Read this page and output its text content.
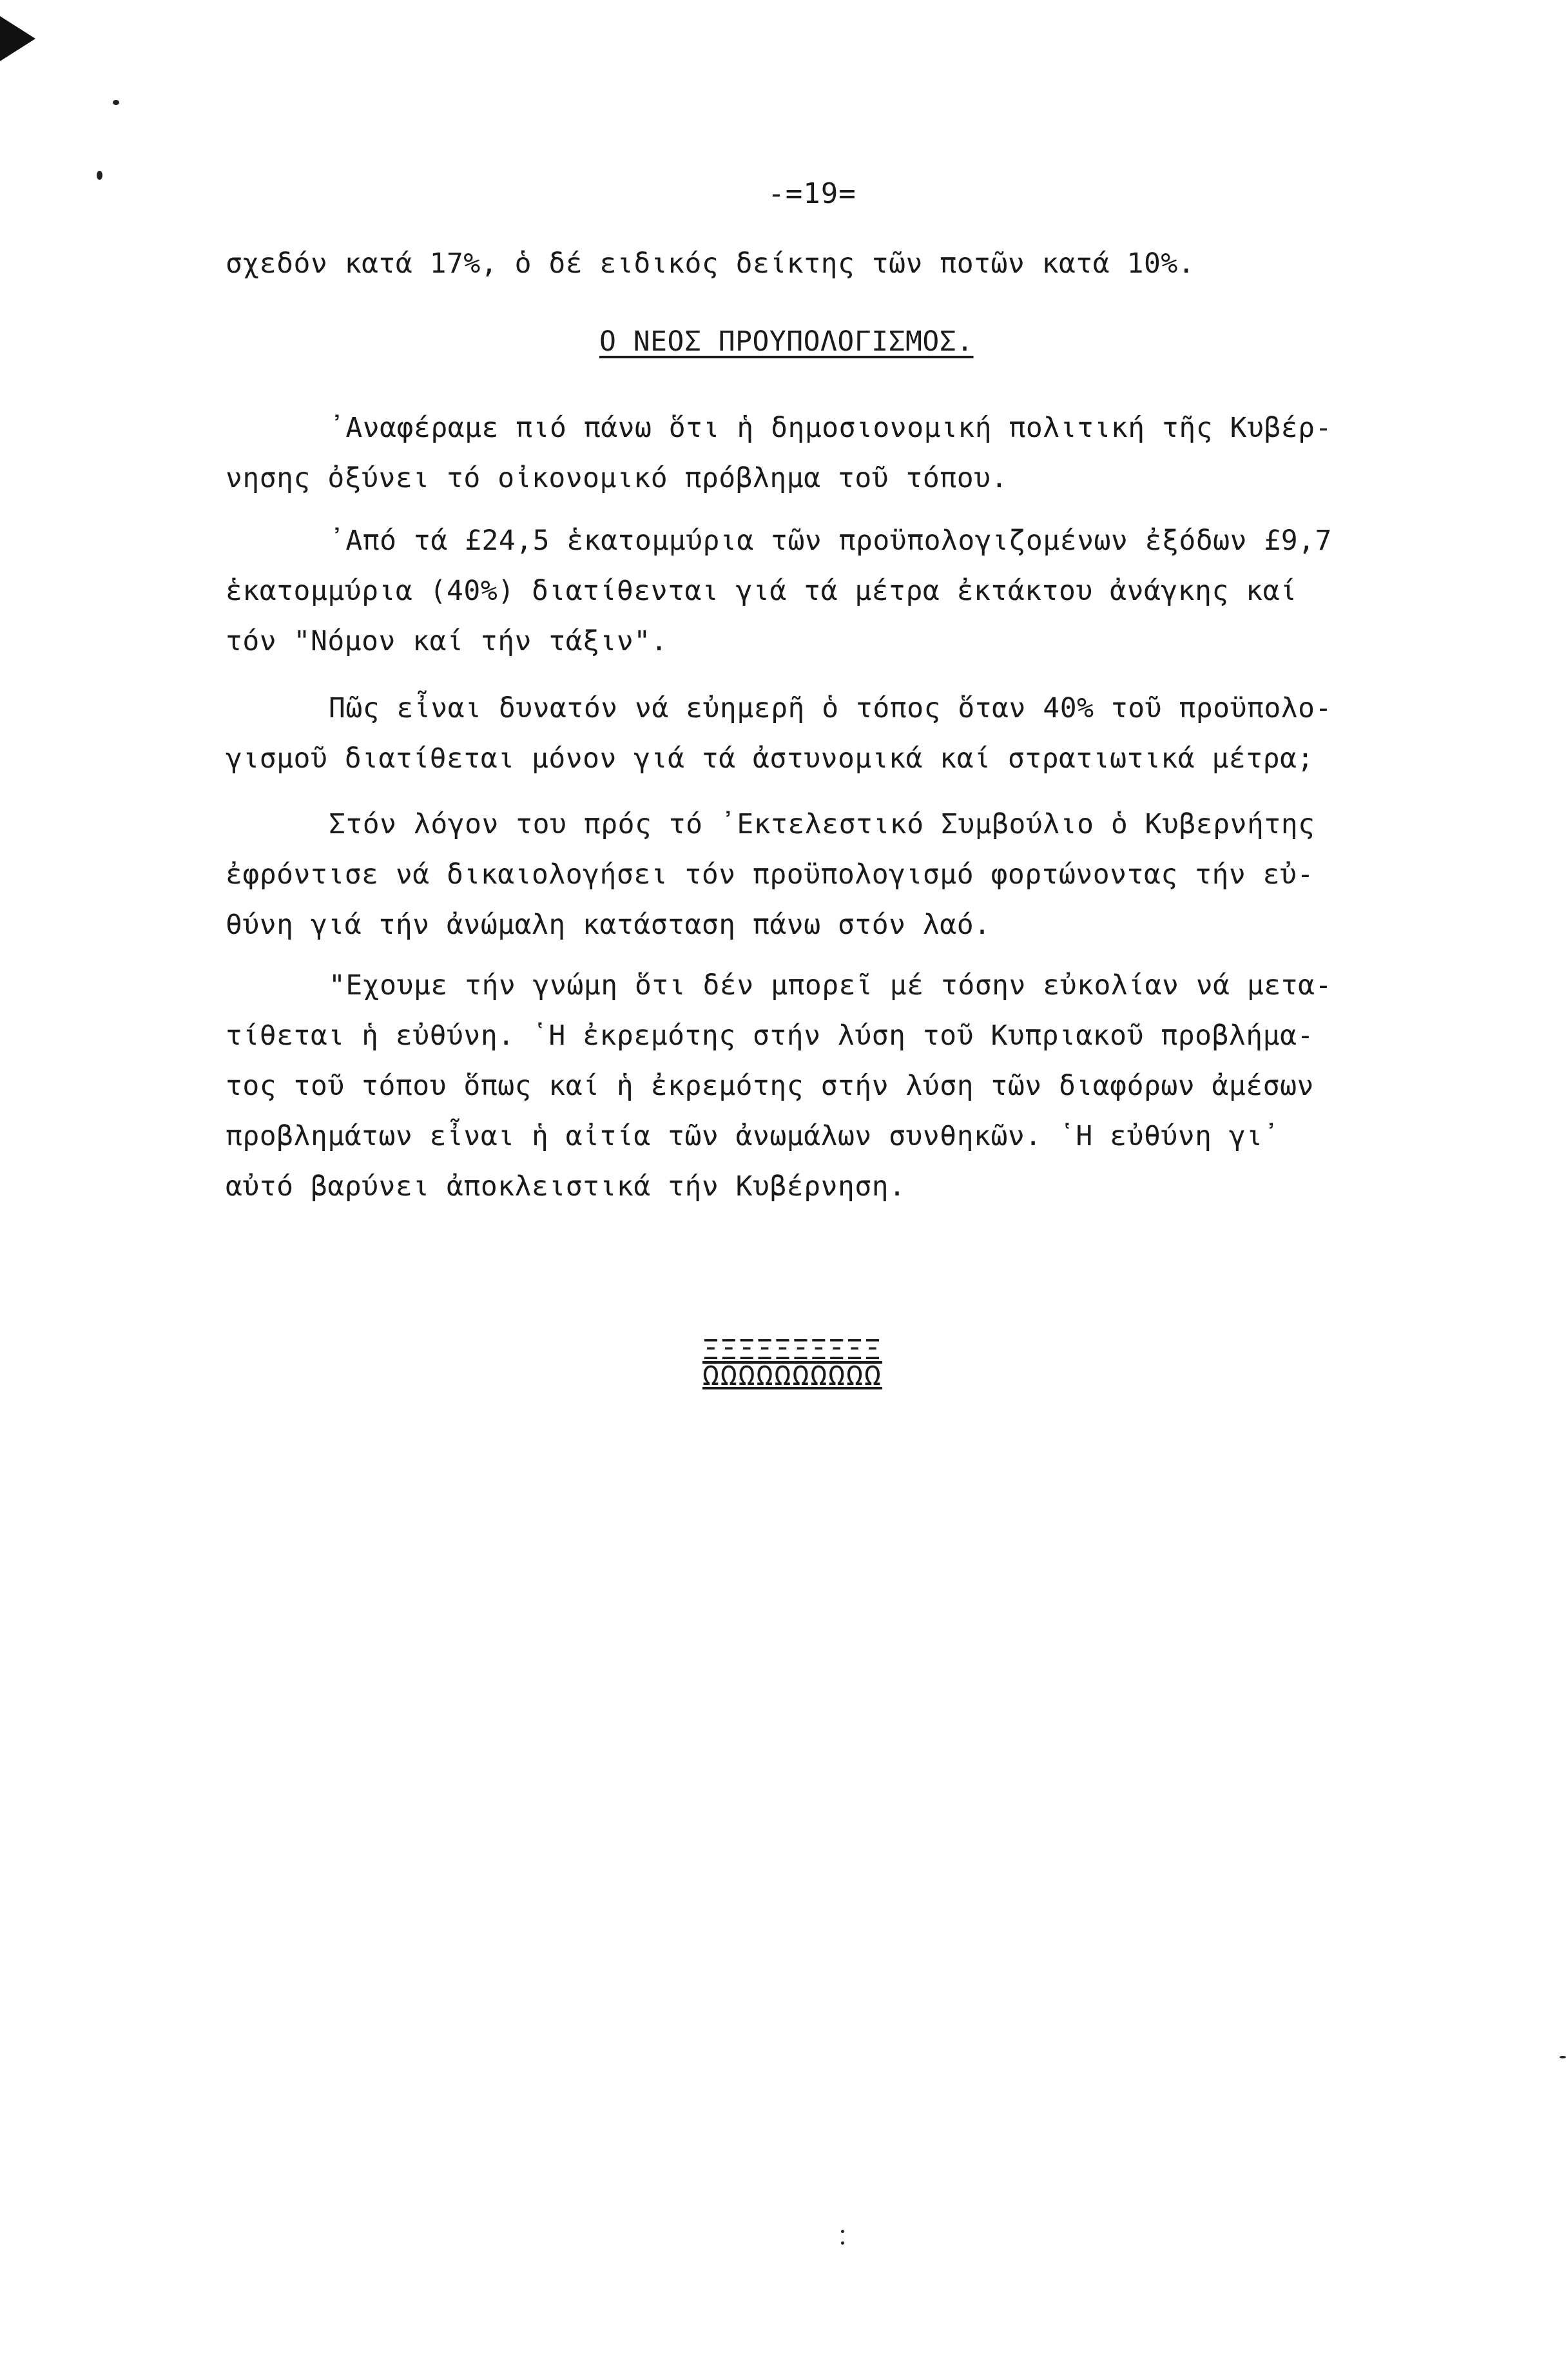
-=19=
σχεδόν κατά 17%, ὁ δέ ειδικός δείκτης τῶν ποτῶν κατά 10%.
Ο ΝΕΟΣ ΠΡΟΥΠΟΛΟΓΙΣΜΟΣ.
᾽Αναφέραμε πιό πάνω ὅτι ἡ δημοσιονομική πολιτική τῆς Κυβέρ-
νησης ὀξύνει τό οἰκονομικό πρόβλημα τοῦ τόπου.
᾽Από τά £24,5 ἑκατομμύρια τῶν προϋπολογιζομένων ἐξόδων £9,7
ἑκατομμύρια (40%) διατίθενται γιά τά μέτρα ἐκτάκτου ἀνάγκης καί
τόν "Νόμον καί τήν τάξιν".
Πῶς εἶναι δυνατόν νά εὐημερῆ ὁ τόπος ὅταν 40% τοῦ προϋπολο-
γισμοῦ διατίθεται μόνον γιά τά ἀστυνομικά καί στρατιωτικά μέτρα;
Στόν λόγον του πρός τό ᾽Εκτελεστικό Συμβούλιο ὁ Κυβερνήτης
ἐφρόντισε νά δικαιολογήσει τόν προϋπολογισμό φορτώνοντας τήν εὐ-
θύνη γιά τήν ἀνώμαλη κατάσταση πάνω στόν λαό.
"Εχουμε τήν γνώμη ὅτι δέν μπορεῖ μέ τόσην εὐκολίαν νά μετα-
τίθεται ἡ εὐθύνη. ῾Η ἐκρεμότης στήν λύση τοῦ Κυπριακοῦ προβλήμα-
τος τοῦ τόπου ὅπως καί ἡ ἐκρεμότης στήν λύση τῶν διαφόρων ἀμέσων
προβλημάτων εἶναι ἡ αἰτία τῶν ἀνωμάλων συνθηκῶν. ῾Η εὐθύνη γι᾽
αὐτό βαρύνει ἀποκλειστικά τήν Κυβέρνηση.
ΞΞΞΞΞΞΞΞΞΞ
ΩΩΩΩΩΩΩΩΩΩ
